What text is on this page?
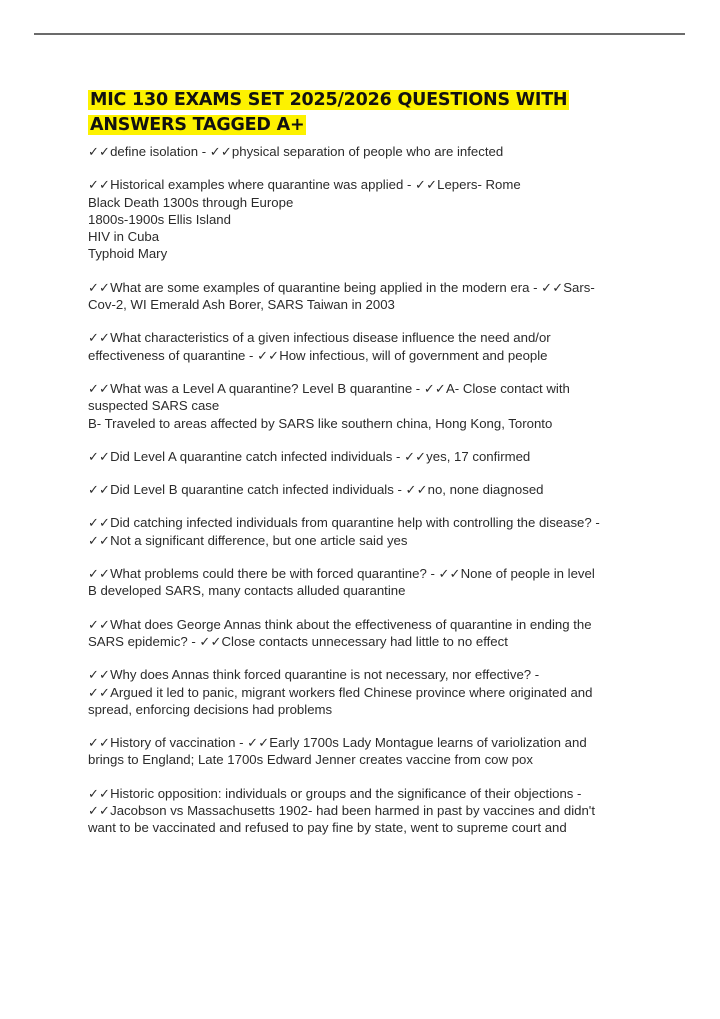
MIC 130 EXAMS SET 2025/2026 QUESTIONS WITH
ANSWERS TAGGED A+
✓✓define isolation - ✓✓physical separation of people who are infected
✓✓Historical examples where quarantine was applied - ✓✓Lepers- Rome
Black Death 1300s through Europe
1800s-1900s Ellis Island
HIV in Cuba
Typhoid Mary
✓✓What are some examples of quarantine being applied in the modern era - ✓✓Sars-
Cov-2, WI Emerald Ash Borer, SARS Taiwan in 2003
✓✓What characteristics of a given infectious disease influence the need and/or
effectiveness of quarantine - ✓✓How infectious, will of government and people
✓✓What was a Level A quarantine? Level B quarantine - ✓✓A- Close contact with
suspected SARS case
B- Traveled to areas affected by SARS like southern china, Hong Kong, Toronto
✓✓Did Level A quarantine catch infected individuals - ✓✓yes, 17 confirmed
✓✓Did Level B quarantine catch infected individuals - ✓✓no, none diagnosed
✓✓Did catching infected individuals from quarantine help with controlling the disease? -
✓✓Not a significant difference, but one article said yes
✓✓What problems could there be with forced quarantine? - ✓✓None of people in level
B developed SARS, many contacts alluded quarantine
✓✓What does George Annas think about the effectiveness of quarantine in ending the
SARS epidemic? - ✓✓Close contacts unnecessary had little to no effect
✓✓Why does Annas think forced quarantine is not necessary, nor effective? -
✓✓Argued it led to panic, migrant workers fled Chinese province where originated and
spread, enforcing decisions had problems
✓✓History of vaccination - ✓✓Early 1700s Lady Montague learns of variolization and
brings to England; Late 1700s Edward Jenner creates vaccine from cow pox
✓✓Historic opposition: individuals or groups and the significance of their objections -
✓✓Jacobson vs Massachusetts 1902- had been harmed in past by vaccines and didn't
want to be vaccinated and refused to pay fine by state, went to supreme court and
